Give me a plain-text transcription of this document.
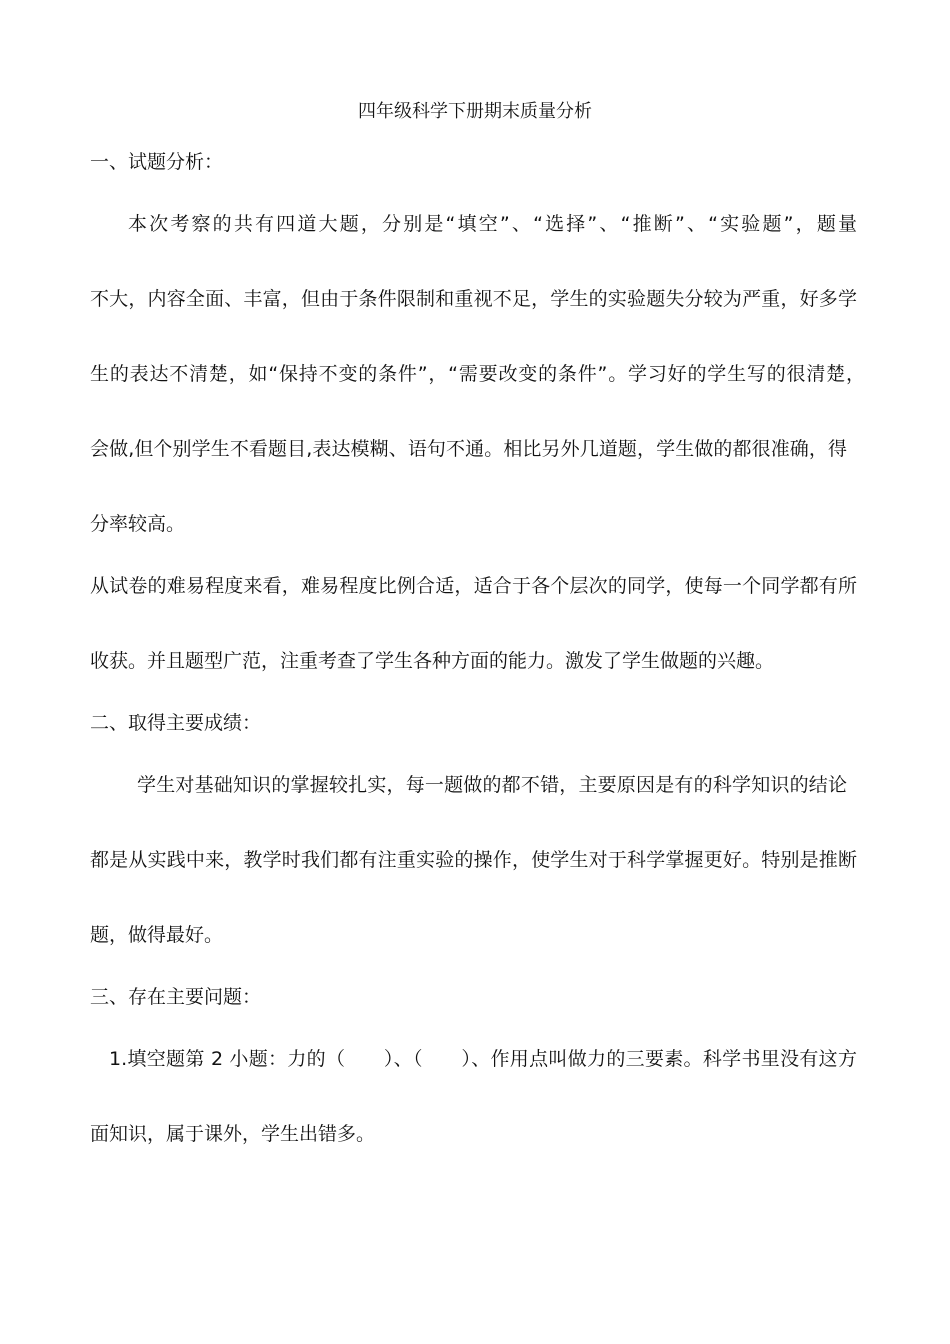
四年级科学下册期末质量分析
一、试题分析：
本次考察的共有四道大题，分别是“填空”、“选择”、“推断”、“实验题”，题量
不大，内容全面、丰富，但由于条件限制和重视不足，学生的实验题失分较为严重，好多学
生的表达不清楚，如“保持不变的条件”，“需要改变的条件”。学习好的学生写的很清楚，
会做,但个别学生不看题目,表达模糊、语句不通。相比另外几道题，学生做的都很准确，得
分率较高。
从试卷的难易程度来看，难易程度比例合适，适合于各个层次的同学，使每一个同学都有所
收获。并且题型广范，注重考查了学生各种方面的能力。激发了学生做题的兴趣。
二、取得主要成绩：
学生对基础知识的掌握较扎实，每一题做的都不错，主要原因是有的科学知识的结论
都是从实践中来，教学时我们都有注重实验的操作，使学生对于科学掌握更好。特别是推断
题，做得最好。
三、存在主要问题：
1.填空题第 2 小题：力的（　　）、（　　）、作用点叫做力的三要素。科学书里没有这方
面知识，属于课外，学生出错多。
